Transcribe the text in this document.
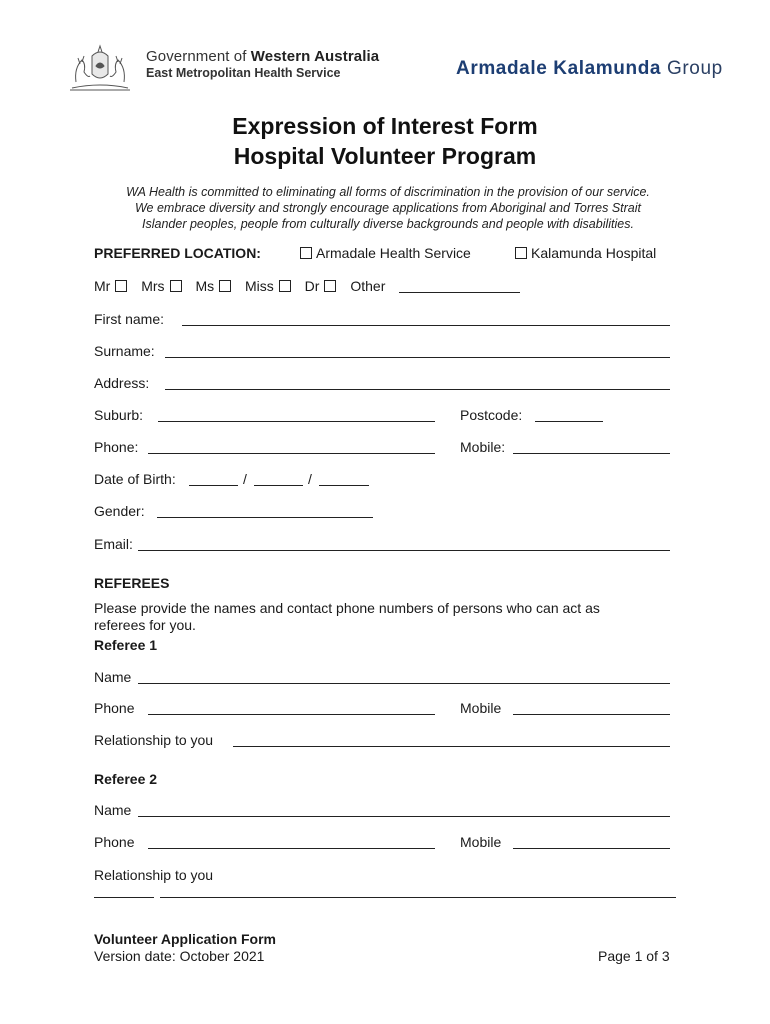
Government of Western Australia
East Metropolitan Health Service	Armadale Kalamunda Group
Expression of Interest Form
Hospital Volunteer Program
WA Health is committed to eliminating all forms of discrimination in the provision of our service.
We embrace diversity and strongly encourage applications from Aboriginal and Torres Strait
Islander peoples, people from culturally diverse backgrounds and people with disabilities.
PREFERRED LOCATION:	Armadale Health Service	Kalamunda Hospital
Mr Mrs Ms Miss Dr Other
First name:
Surname:
Address:
Suburb:	Postcode:
Phone:	Mobile:
Date of Birth:	/	/
Gender:
Email:
REFEREES
Please provide the names and contact phone numbers of persons who can act as
referees for you.
Referee 1
Name
Phone	Mobile
Relationship to you
Referee 2
Name
Phone	Mobile
Relationship to you
Volunteer Application Form
Version date: October 2021	Page 1 of 3
